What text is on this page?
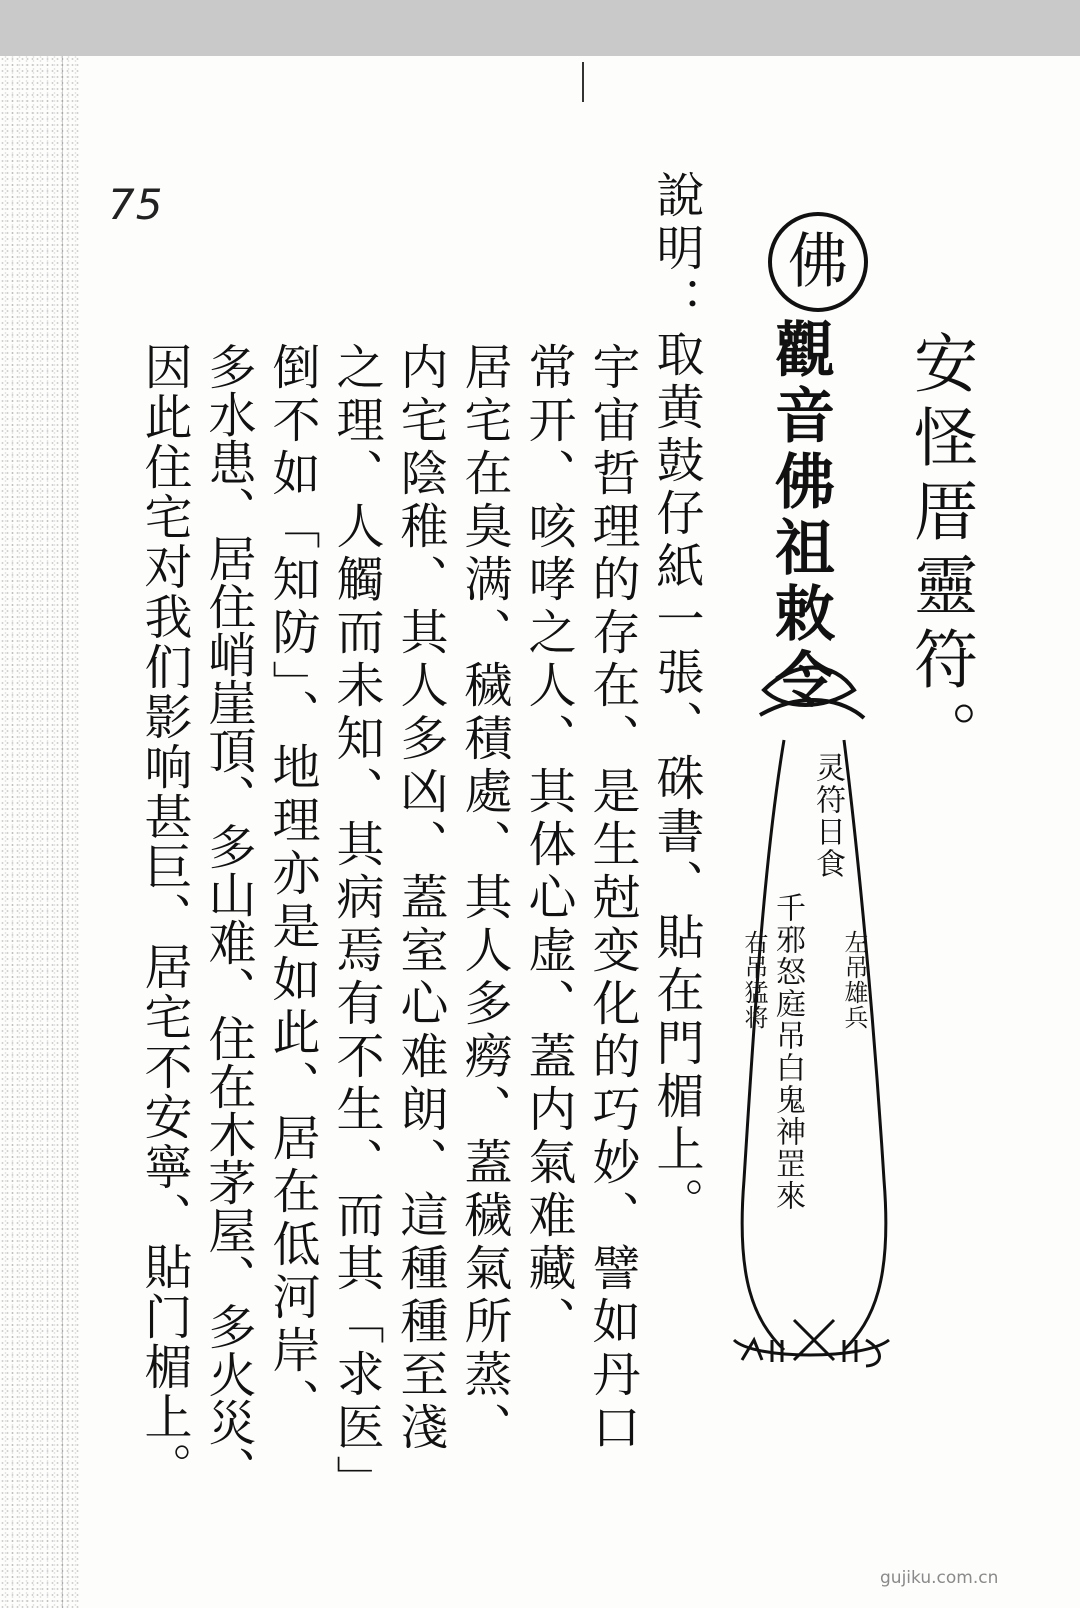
75
安怪厝靈符。
佛
觀音佛祖敕令
灵符日食
千邪怒庭吊白鬼神罡來 左吊雄兵
右吊猛将
說明：取黄鼓仔紙一張、硃書、貼在門楣上。
宇宙哲理的存在、是生尅变化的巧妙、譬如丹口
常开、咳哮之人、其体心虚、蓋内氣难藏、
居宅在臭满、穢積處、其人多癆、蓋穢氣所蒸、
内宅陰稚、其人多凶、蓋室心难朗、這種種至淺
之理、人觸而未知、其病焉有不生、而其「求医」
倒不如「知防」、地理亦是如此、居在低河岸、
多水患、居住峭崖頂、多山难、住在木茅屋、多火災、
因此住宅对我们影响甚巨、居宅不安寧、貼门楣上。
gujiku.com.cn
